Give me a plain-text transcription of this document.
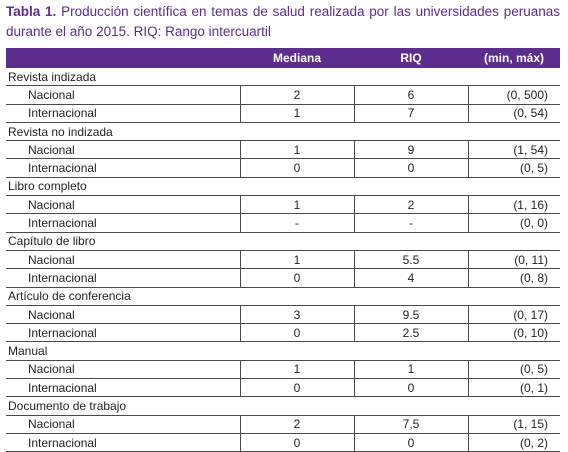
Tabla 1. Producción científica en temas de salud realizada por las universidades peruanas durante el año 2015. RIQ: Rango intercuartil
	Mediana	RIQ	(min, máx)
Revista indizada			
Nacional	2	6	(0, 500)
Internacional	1	7	(0, 54)
Revista no indizada			
Nacional	1	9	(1, 54)
Internacional	0	0	(0, 5)
Libro completo			
Nacional	1	2	(1, 16)
Internacional	-	-	(0, 0)
Capítulo de libro			
Nacional	1	5.5	(0, 11)
Internacional	0	4	(0, 8)
Artículo de conferencia			
Nacional	3	9.5	(0, 17)
Internacional	0	2.5	(0, 10)
Manual			
Nacional	1	1	(0, 5)
Internacional	0	0	(0, 1)
Documento de trabajo			
Nacional	2	7,5	(1, 15)
Internacional	0	0	(0, 2)
